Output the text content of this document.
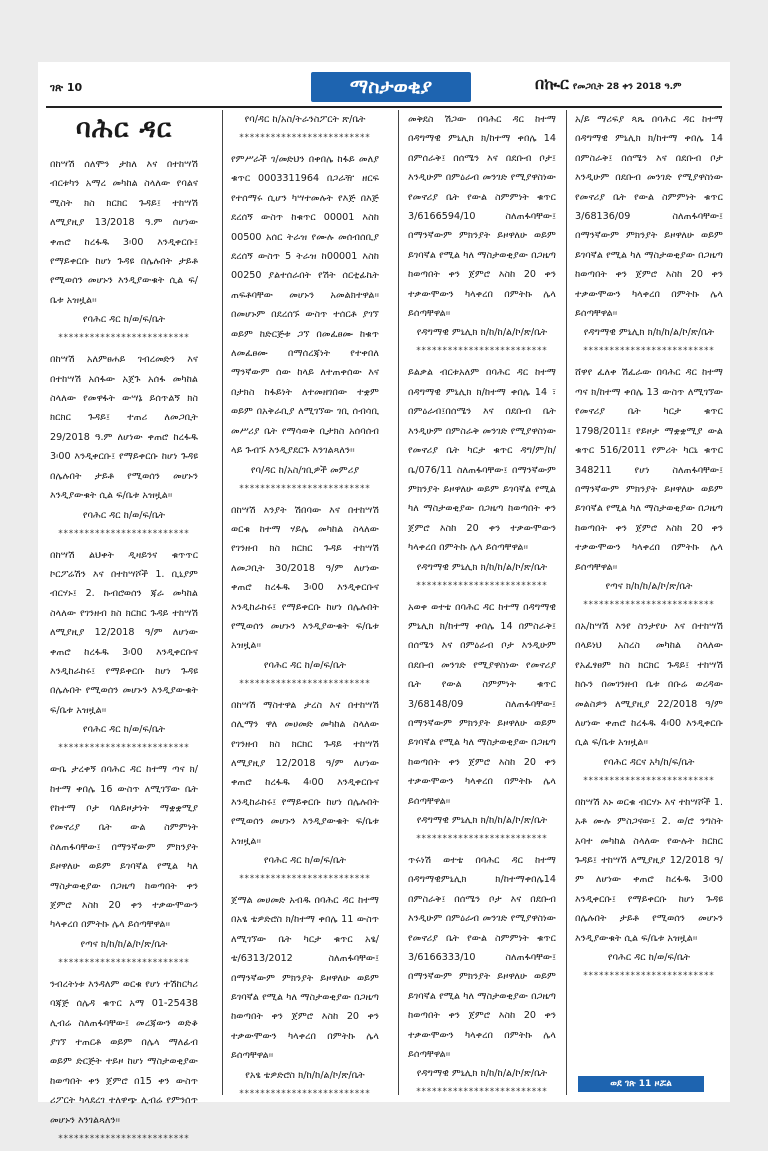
ገጽ 10	ማስታወቂያ	በኲር የመጋቢት 28 ቀን 2018 ዓ.ም
ባሕር ዳር

በከሣሽ ሰለሞን ታከለ እና በተከሣሽ ብርቱካን አማረ መካከል ስላለው የባልና ሚስት ክስ ክርክር ጉዳይ፤ ተከሣሽ ለሚያዚያ 13/2018 ዓ.ም ሰሆነው ቀጠሮ ከረፋዱ 3፡00 እንዲቀርቡ፤ የማይቀርቡ ከሆነ ጉዳዩ በሌሉበት ታይቶ የሚወሰን መሆኑን እንዲያውቁት ሲል ፍ/ቤቱ አዝዟል፡፡

የባሕር ዳር ከ/ወ/ፍ/ቤት

*************************

በከሣሽ አለምፀሐይ ገብረመድን እና በተከሣሽ አሰፋው አጀጉ አሰፋ መካከል ስላለው የመዋፋት ውሣኔ ይሰጥልኝ ክስ ክርክር ጉዳይ፤ ተጠሪ ለመጋቢት 29/2018 ዓ.ም ለሆነው ቀጠሮ ከረፋዱ 3፡00 እንዲቀርቡ፤ የማይቀርቡ ከሆነ ጉዳዩ በሌሉበት ታይቶ የሚወሰን መሆኑን እንዲያውቁት ሲል ፍ/ቤቱ አዝዟል፡፡

የባሕር ዳር ከ/ወ/ፍ/ቤት

*************************

በከሣሽ ልህቀት ዲዛይንና ቁጥጥር ኮርፖሬሽን እና በተከሣሾች 1. ቢኒያም ብርሃኑ፤ 2. ኩብሮወሰን ጃራ መካከል ስላለው የገንዘብ ክስ ክርክር ጉዳይ ተከሣሽ ለሚያዚያ 12/2018 ዓ/ም ለሆነው ቀጠሮ ከረፋዱ 3፡00 እንዲቀርቡና እንዲከራከሩ፤ የማይቀርቡ ከሆነ ጉዳዩ በሌሉበት የሚወሰን መሆኑን እንዲያውቁት ፍ/ቤቱ አዝዟል፡፡

የባሕር ዳር ከ/ወ/ፍ/ቤት

*************************

ውቤ ታረቀኝ በባሕር ዳር ከተማ ጣና ክ/ከተማ ቀበሌ 16 ውስጥ ለሚገኘው ቤት የከተማ ቦታ ባለይዞታነት ማቋቋሚያ የመኖሪያ ቤት ውል ስምምነት ስለጠፋባቸው፤ በማንኛውም ምክንያት ይዞዋለሁ ወይም ይገባኛል የሚል ካለ ማስታወቂያው በጋዜጣ ከወጣበት ቀን ጀምሮ እስከ 20 ቀን ተቃውሞውን ካላቀረበ በምትኩ ሌላ ይሰጣቸዋል፡፡

የጣና ክ/ከ/ከ/ል/ኮ/ጽ/ቤት

*************************

ንብረትነቱ እንዳለም ወርቁ የሆነ ተሽከርካሪ ባጃጅ ሰሌዳ ቁጥር አማ 01-25438 ሊብሬ ስለጠፋባቸው፤ መረጃውን ወድቆ ያገኘ ተጠርቶ ወይም በሌላ ማለፊብ ወይም ድርጅት ተይዞ ከሆነ ማስታወቂያው ከወጣበት ቀን ጀምሮ በ15 ቀን ውስጥ ሪፖርት ካላደረገ ተለዋጭ ሊብሬ የምንሰጥ መሆኑን እንገልጻለን፡፡

*************************

የባ/ዳር ከ/አስ/ትራንስፖርት ጽ/ቤት

*************************

የምሥራች ገ/መድህን በቀበሌ ከፋይ መለያ ቁጥር 0003311964 በጋራዥ ዘርፍ የተሰማሩ ሲሆን ካሣተመሉት የእጅ በእጅ ደረሰኝ ውስጥ ከቁጥር 00001 እስከ 00500 አሰር ትራዝ የሙሉ መሰብሰቢያ ደረሰኝ ውስጥ 5 ትራዝ ከ00001 እስከ 00250 ያልተሰራበት የሽት ሰርቲፊኬት ጠፍቶባቸው መሆኑን አመልክተዋል፡፡ በመሆኑም በደረሰኙ ውስጥ ተሰርቶ ያገኘ ወይም ከድርጅቱ ጋኘ በመፈፀሙ ከቁጥ ለመፈፀሙ በማሰረጃነት የተቀበለ ማንኛውም ሰው ከላይ ለተጠቀሰው እና በታክስ ከፋይነት ለተመዘገበው ተቋም ወይም በአቅራቢያ ለሚገኘው ገቢ ሰብሳቢ መሥሪያ ቤት የማሳወቅ ቢታክስ አሰባሰብ ላይ ጉብኙ እንዲያደርጉ እንገልጻለን፡፡

የባ/ዳር ከ/አስ/ገቢዎች መምሪያ

*************************

በከሣሽ እንያት ሽበባው እና በተከሣሽ ወርቁ ከተማ ሃይሌ መካከል ስላለው የገንዘብ ክስ ክርክር ጉዳይ ተከሣሽ ለመጋቢት 30/2018 ዓ/ም ለሆነው ቀጠሮ ከረፋዱ 3፡00 እንዲቀርቡና እንዲከራከሩ፤ የማይቀርቡ ከሆነ በሌሉበት የሚወሰን መሆኑን እንዲያውቁት ፍ/ቤቱ አዝዟል፡፡

የባሕር ዳር ከ/ወ/ፍ/ቤት

*************************

በከሣሽ ማስተዋል ታረስ እና በተከሣሽ ሰሊማን ዋለ መሀመድ መካከል ስላለው የገንዘብ ክስ ክርክር ጉዳይ ተከሣሽ ለሚያዚያ 12/2018 ዓ/ም ለሆነው ቀጠሮ ከረፋዱ 4፡00 እንዲቀርቡና እንዲከራከሩ፤ የማይቀርቡ ከሆነ በሌሉበት የሚወሰን መሆኑን እንዲያውቁት ፍ/ቤቱ አዝዟል፡፡

የባሕር ዳር ከ/ወ/ፍ/ቤት

*************************

ጀማል መሀመድ አብዱ በባሕር ዳር ከተማ በአፄ ቴዎድሮስ ክ/ከተማ ቀበሌ 11 ውስጥ ለሚገኘው ቤት ካርታ ቁጥር አፄ/ቴ/6313/2012 ስለጠፋባቸው፤ በማንኛውም ምክንያት ይዞዋለሁ ወይም ይገባኛል የሚል ካለ ማስታወቂያው በጋዜጣ ከወጣበት ቀን ጀምሮ እስከ 20 ቀን ተቃውሞውን ካላቀረበ በምትኩ ሌላ ይሰጣቸዋል፡፡

የአፄ ቴዎድሮስ ክ/ከ/ከ/ል/ኮ/ጽ/ቤት

*************************

መቅደስ ሽጋው በባሕር ዳር ከተማ በዳግማዊ ምኒሊክ ክ/ከተማ ቀበሌ 14 በምሰራቅ፤ በሰሜን እና በደቡብ ቦታ፤ እንዲሁም በምዕራብ መንገድ የሚያዋስነው የመኖሪያ ቤት የውል ስምምነት ቁጥር 3/6166594/10 ስለጠፋባቸው፤ በማንኛውም ምክንያት ይዞዋለሁ ወይም ይገባኛል የሚል ካለ ማስታወቂያው በጋዜጣ ከወጣበት ቀን ጀምሮ እስከ 20 ቀን ተቃውሞውን ካላቀረበ በምትኩ ሌላ ይሰጣቸዋል፡፡

የዳግማዊ ምኒሊክ ክ/ከ/ከ/ል/ኮ/ጽ/ቤት

*************************

ይልቃል ብርቱአለም በባሕር ዳር ከተማ በዳግማዊ ምኒሊክ ክ/ከተማ ቀበሌ 14 ፣ በምዕራብ፤በሰሜን እና በደቡብ ቤት እንዲሁም በምስራቅ መንገድ የሚያዋስነው የመኖሪያ ቤት ካርታ ቁጥር ዳግ/ም/ከ/ቤ/076/11 ስለጠፋባቸው፤ በማንኛውም ምክንያት ይዞዋለሁ ወይም ይገባኛል የሚል ካለ ማስታወቂያው በጋዜጣ ከወጣበት ቀን ጀምሮ እስከ 20 ቀን ተቃውሞውን ካላቀረበ በምትኩ ሌላ ይሰጣቸዋል፡፡

የዳግማዊ ምኒሊክ ክ/ከ/ከ/ል/ኮ/ጽ/ቤት

*************************

አወቀ ወተቴ በባሕር ዳር ከተማ በዳግማዊ ምኒሊክ ክ/ከተማ ቀበሌ 14 በምስራቅ፤ በሰሜን እና በምዕራብ ቦታ እንዲሁም በደቡብ መንገድ የሚያዋስነው የመኖሪያ ቤት የውል ስምምነት ቁጥር 3/68148/09 ስለጠፋባቸው፤ በማንኛውም ምክንያት ይዞዋለሁ ወይም ይገባኛል የሚል ካለ ማስታወቂያው በጋዜጣ ከወጣበት ቀን ጀምሮ እስከ 20 ቀን ተቃውሞውን ካላቀረበ በምትኩ ሌላ ይሰጣቸዋል፡፡

የዳግማዊ ምኒሊክ ክ/ከ/ከ/ል/ኮ/ጽ/ቤት

*************************

ጥሩነሽ ወተቴ በባሕር ዳር ከተማ በዳግማዊምኒሊክ ክ/ከተማቀበሌ14 በምስራቅ፤ በሰሜን ቦታ እና በደቡብ እንዲሁም በምዕራብ መንገድ የሚያዋስነው የመኖሪያ ቤት የውል ስምምነት ቁጥር 3/6166333/10 ስለጠፋባቸው፤ በማንኛውም ምክንያት ይዞዋለሁ ወይም ይገባኛል የሚል ካለ ማስታወቂያው በጋዜጣ ከወጣበት ቀን ጀምሮ እስከ 20 ቀን ተቃውሞውን ካላቀረበ በምትኩ ሌላ ይሰጣቸዋል፡፡

የዳግማዊ ምኒሊክ ክ/ከ/ከ/ል/ኮ/ጽ/ቤት

*************************

አ/ይ ማሪፍያ ጳጼ በባሕር ዳር ከተማ በዳግማዊ ምኒሊክ ክ/ከተማ ቀበሌ 14 በምስራቅ፤ በሰሜን እና በደቡብ ቦታ እንዲሁም በደቡብ መንገድ የሚያዋስነው የመኖሪያ ቤት የውል ስምምነት ቁጥር 3/68136/09 ስለጠፋባቸው፤ በማንኛውም ምክንያት ይዞዋለሁ ወይም ይገባኛል የሚል ካለ ማስታወቂያው በጋዜጣ ከወጣበት ቀን ጀምሮ እስከ 20 ቀን ተቃውሞውን ካላቀረበ በምትኩ ሌላ ይሰጣቸዋል፡፡

የዳግማዊ ምኒሊክ ክ/ከ/ከ/ል/ኮ/ጽ/ቤት

*************************

ሸዋየ ፈለቀ ሽፈራው በባሕር ዳር ከተማ ጣና ክ/ከተማ ቀበሌ 13 ውስጥ ለሚገኘው የመኖሪያ ቤት ካርታ ቁጥር 1798/2011፤ የይዞታ ማቋቋሚያ ውል ቁጥር 516/2011 የምሪት ካርኒ ቁጥር 348211 የሆነ ስለጠፋባቸው፤ በማንኛውም ምክንያት ይዞዋለሁ ወይም ይገባኛል የሚል ካለ ማስታወቂያው በጋዜጣ ከወጣበት ቀን ጀምሮ እስከ 20 ቀን ተቃውሞውን ካላቀረበ በምትኩ ሌላ ይሰጣቸዋል፡፡

የጣና ክ/ከ/ከ/ል/ኮ/ጽ/ቤት

*************************

በአ/ከሣሽ እንየ ስንታየሁ እና በተከሣሽ በላይነህ አስረስ መካከል ስላለው የአፈፃፀም ክስ ክርክር ጉዳይ፤ ተከሣሽ ከሱን በመገንዘብ ቤቱ በቡሬ ወረዳው መልስዎን ለሚያዚያ 22/2018 ዓ/ም ለሆነው ቀጠሮ ከረፋዱ 4፡00 እንዲቀርቡ ሲል ፍ/ቤቱ አዝዟል፡፡

የባሕር ዳርና አካ/ከ/ፍ/ቤት

*************************

በከሣሽ እኑ ወርቁ ብርሃኑ እና ተከሣሾች 1. አቶ ሙሉ ምስጋናው፤ 2. ወ/ሮ ንግስት አባተ መካከል ስላለው የውሉት ክርክር ጉዳይ፤ ተከሣሽ ለሚያዚያ 12/2018 ዓ/ም ለሆነው ቀጠሮ ከረፋዱ 3፡00 እንዲቀርቡ፤ የማይቀርቡ ከሆነ ጉዳዩ በሌሉበት ታይቶ የሚወሰን መሆኑን እንዲያውቁት ሲል ፍ/ቤቱ አዝዟል፡፡

የባሕር ዳር ከ/ወ/ፍ/ቤት

*************************
ወደ ገጽ 11 ዞሯል
